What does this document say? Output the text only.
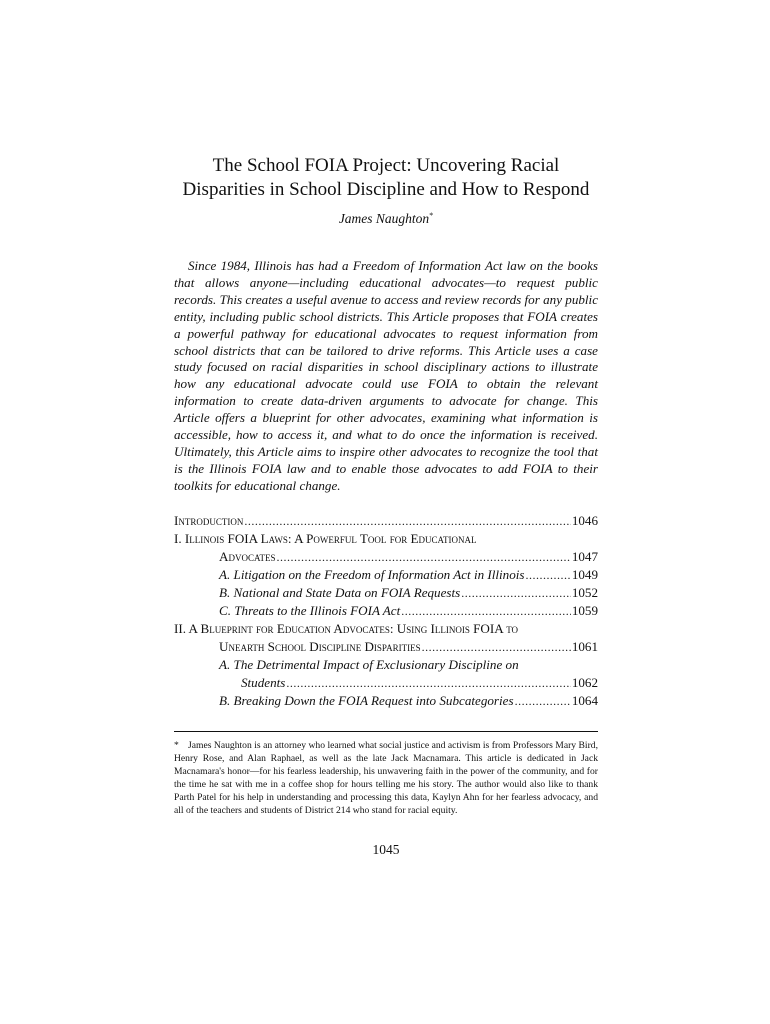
The School FOIA Project: Uncovering Racial
Disparities in School Discipline and How to Respond
James Naughton*

Since 1984, Illinois has had a Freedom of Information Act law on the books that allows anyone—including educational advocates—to request public records. This creates a useful avenue to access and review records for any public entity, including public school districts. This Article proposes that FOIA creates a powerful pathway for educational advocates to request information from school districts that can be tailored to drive reforms. This Article uses a case study focused on racial disparities in school disciplinary actions to illustrate how any educational advocate could use FOIA to obtain the relevant information to create data-driven arguments to advocate for change. This Article offers a blueprint for other advocates, examining what information is accessible, how to access it, and what to do once the information is received. Ultimately, this Article aims to inspire other advocates to recognize the tool that is the Illinois FOIA law and to enable those advocates to add FOIA to their toolkits for educational change.

Introduction .....	1046
I. Illinois FOIA Laws: A Powerful Tool for Educational
Advocates .....	1047
A. Litigation on the Freedom of Information Act in Illinois .....	1049
B. National and State Data on FOIA Requests .....	1052
C. Threats to the Illinois FOIA Act .....	1059
II. A Blueprint for Education Advocates: Using Illinois FOIA to
Unearth School Discipline Disparities .....	1061
A. The Detrimental Impact of Exclusionary Discipline on
Students .....	1062
B. Breaking Down the FOIA Request into Subcategories .....	1064

* James Naughton is an attorney who learned what social justice and activism is from Professors Mary Bird, Henry Rose, and Alan Raphael, as well as the late Jack Macnamara. This article is dedicated in Jack Macnamara's honor—for his fearless leadership, his unwavering faith in the power of the community, and for the time he sat with me in a coffee shop for hours telling me his story. The author would also like to thank Parth Patel for his help in understanding and processing this data, Kaylyn Ahn for her fearless advocacy, and all of the teachers and students of District 214 who stand for racial equity.

1045
